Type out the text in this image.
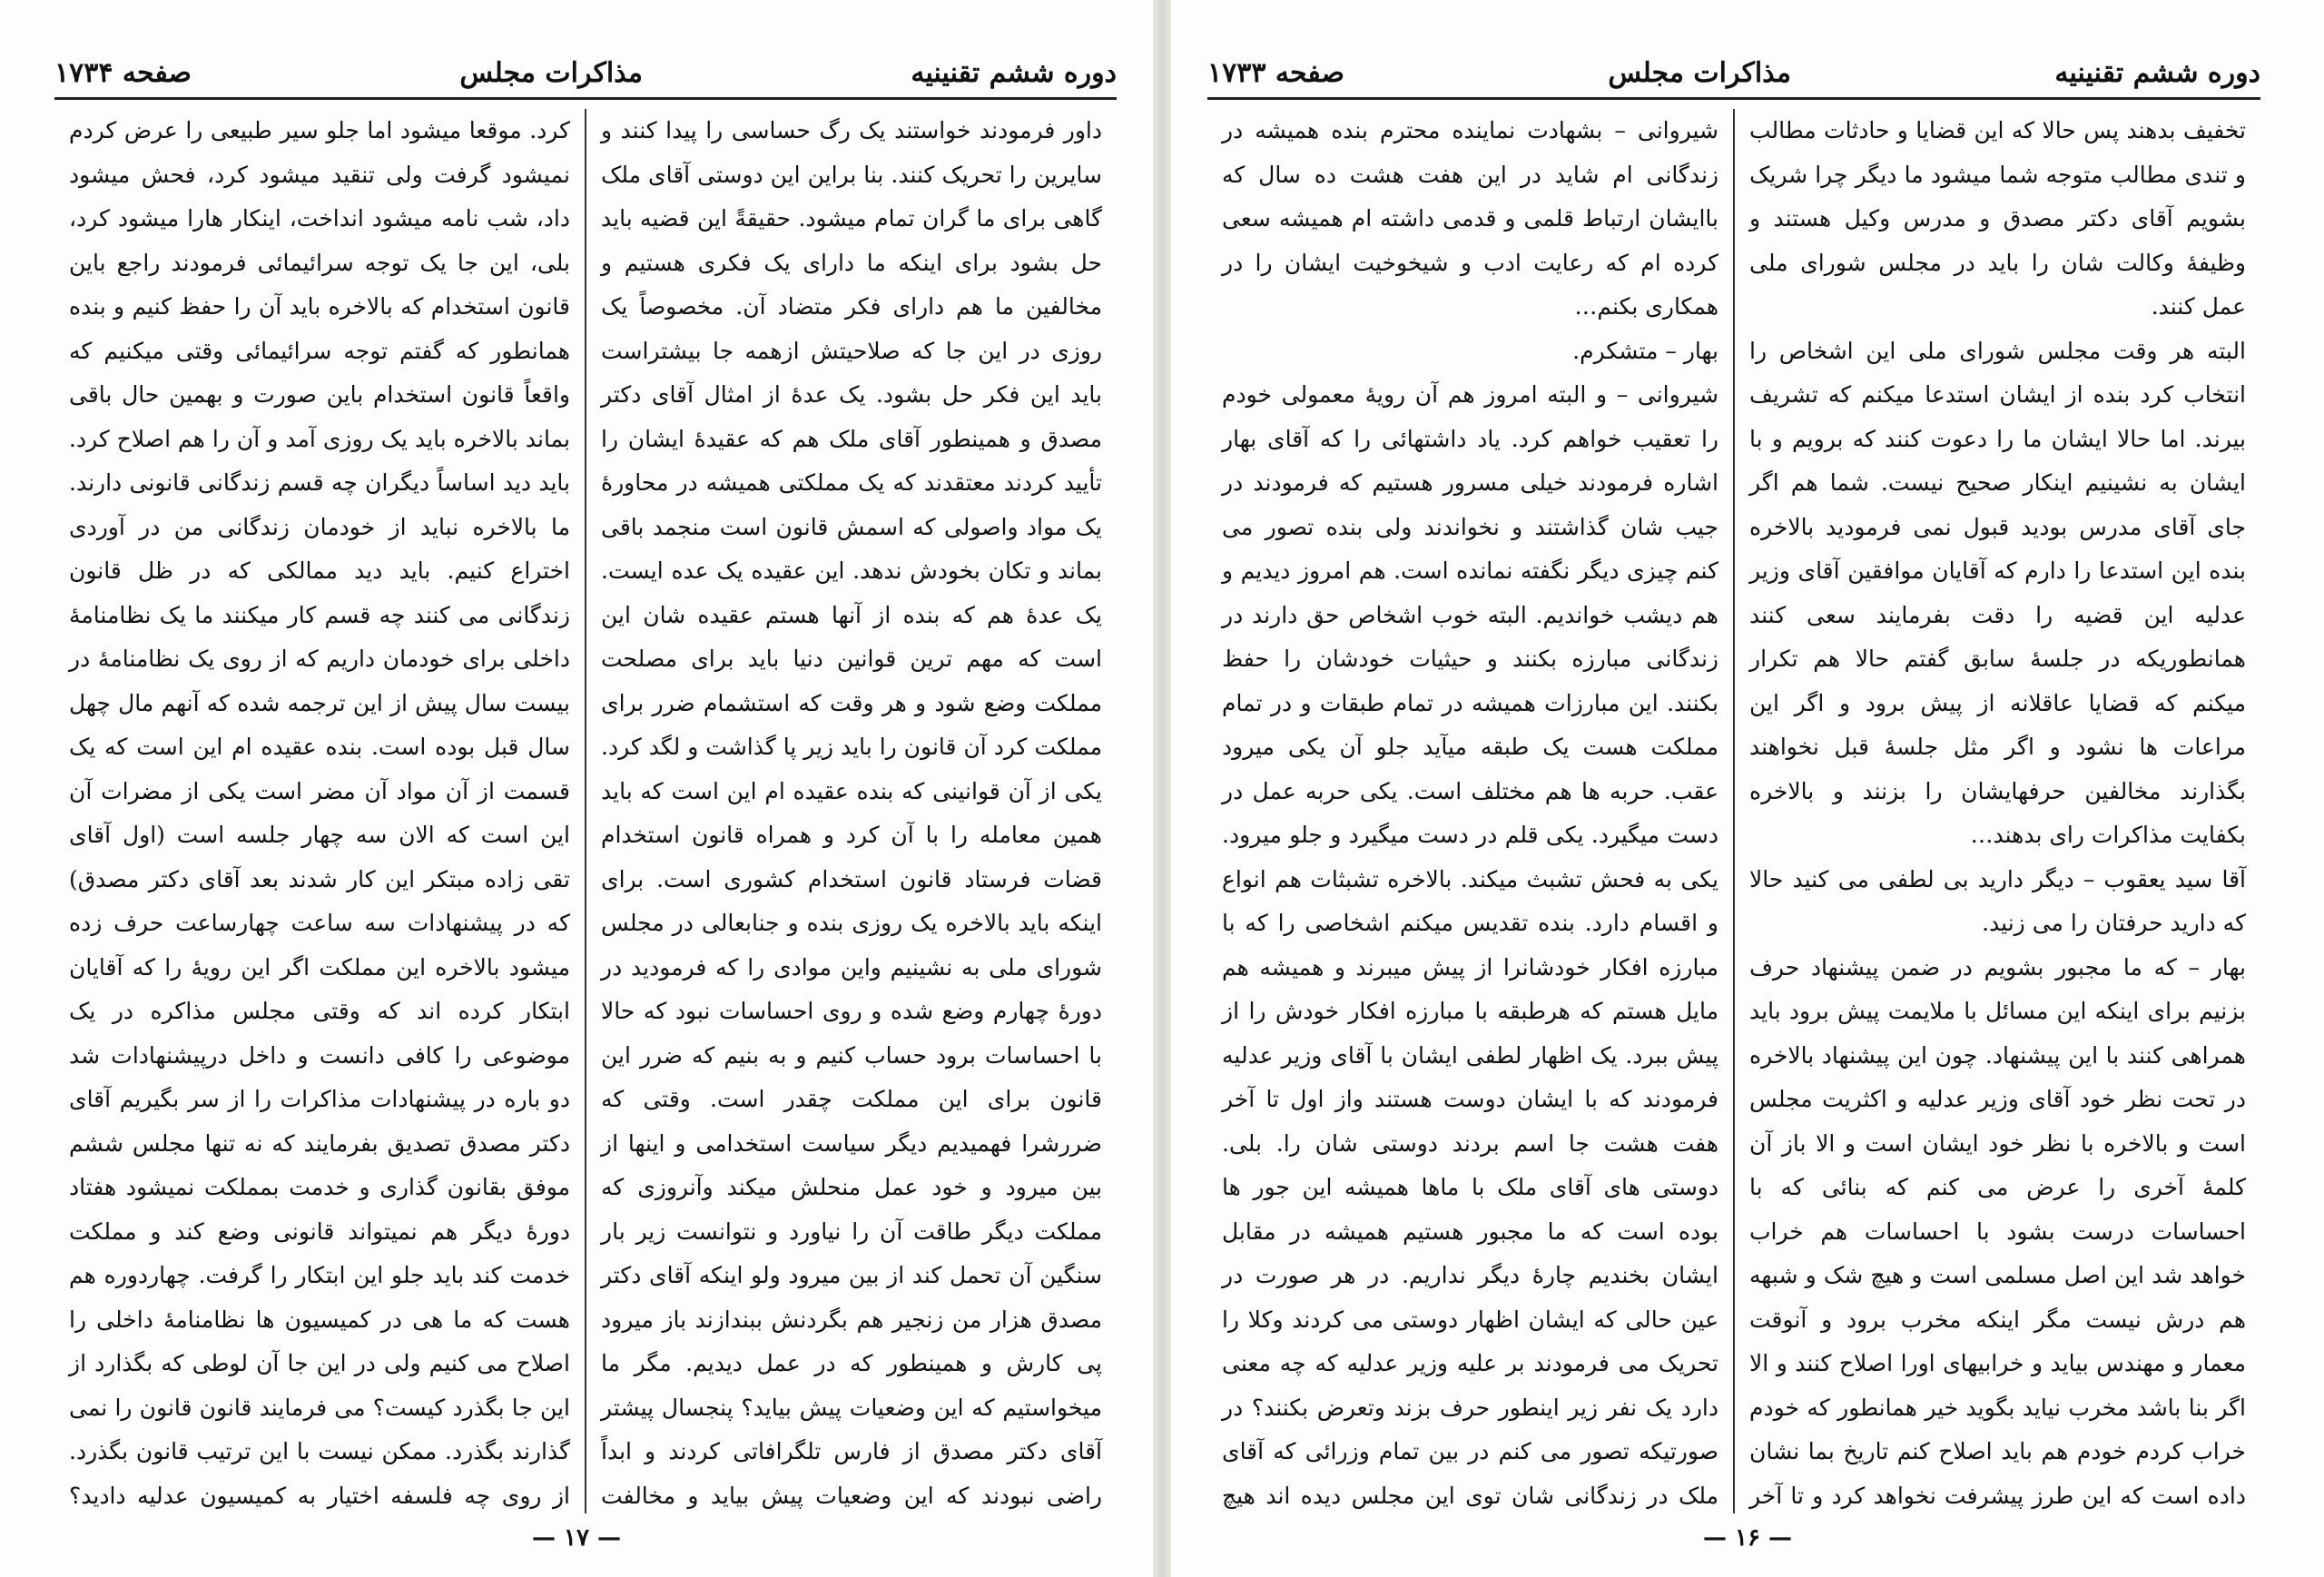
دوره ششم تقنینیه
مذاکرات مجلس
صفحه ۱۷۳۴
داور فرمودند خواستند یک رگ حساسی را پیدا کنند و سایرین را تحریک کنند. بنا براین این دوستی آقای ملک گاهی برای ما گران تمام میشود. حقیقةً این قضیه باید حل بشود برای اینکه ما دارای یک فکری هستیم و مخالفین ما هم دارای فکر متضاد آن. مخصوصاً یک روزی در این جا که صلاحیتش ازهمه جا بیشتراست باید این فکر حل بشود. یک عدهٔ از امثال آقای دکتر مصدق و همینطور آقای ملک هم که عقیدهٔ ایشان را تأیید کردند معتقدند که یک مملکتی همیشه در محاورهٔ یک مواد واصولی که اسمش قانون است منجمد باقی بماند و تکان بخودش ندهد. این عقیده یک عده ایست. یک عدهٔ هم که بنده از آنها هستم عقیده شان این است که مهم ترین قوانین دنیا باید برای مصلحت مملکت وضع شود و هر وقت که استشمام ضرر برای مملکت کرد آن قانون را باید زیر پا گذاشت و لگد کرد. یکی از آن قوانینی که بنده عقیده ام این است که باید همین معامله را با آن کرد و همراه قانون استخدام قضات فرستاد قانون استخدام کشوری است. برای اینکه باید بالاخره یک روزی بنده و جنابعالی در مجلس شورای ملی به نشینیم واین موادی را که فرمودید در دورهٔ چهارم وضع شده و روی احساسات نبود که حالا با احساسات برود حساب کنیم و به بنیم که ضرر این قانون برای این مملکت چقدر است. وقتی که ضررشرا فهمیدیم دیگر سیاست استخدامی و اینها از بین میرود و خود عمل منحلش میکند وآنروزی که مملکت دیگر طاقت آن را نیاورد و نتوانست زیر بار سنگین آن تحمل کند از بین میرود ولو اینکه آقای دکتر مصدق هزار من زنجیر هم بگردنش ببندازند باز میرود پی کارش و همینطور که در عمل دیدیم. مگر ما میخواستیم که این وضعیات پیش بیاید؟ پنجسال پیشتر آقای دکتر مصدق از فارس تلگرافاتی کردند و ابداً راضی نبودند که این وضعیات پیش بیاید و مخالفت
کرد. موقعا میشود اما جلو سیر طبیعی را عرض کردم نمیشود گرفت ولی تنقید میشود کرد، فحش میشود داد، شب نامه میشود انداخت، اینکار هارا میشود کرد، بلی، این جا یک توجه سرائیمائی فرمودند راجع باین قانون استخدام که بالاخره باید آن را حفظ کنیم و بنده همانطور که گفتم توجه سرائیمائی وقتی میکنیم که واقعاً قانون استخدام باین صورت و بهمین حال باقی بماند بالاخره باید یک روزی آمد و آن را هم اصلاح کرد. باید دید اساساً دیگران چه قسم زندگانی قانونی دارند. ما بالاخره نباید از خودمان زندگانی من در آوردی اختراع کنیم. باید دید ممالکی که در ظل قانون زندگانی می کنند چه قسم کار میکنند ما یک نظامنامهٔ داخلی برای خودمان داریم که از روی یک نظامنامهٔ در بیست سال پیش از این ترجمه شده که آنهم مال چهل سال قبل بوده است. بنده عقیده ام این است که یک قسمت از آن مواد آن مضر است یکی از مضرات آن این است که الان سه چهار جلسه است (اول آقای تقی زاده مبتکر این کار شدند بعد آقای دکتر مصدق) که در پیشنهادات سه ساعت چهارساعت حرف زده میشود بالاخره این مملکت اگر این رویهٔ را که آقایان ابتکار کرده اند که وقتی مجلس مذاکره در یک موضوعی را کافی دانست و داخل درپیشنهادات شد دو باره در پیشنهادات مذاکرات را از سر بگیریم آقای دکتر مصدق تصدیق بفرمایند که نه تنها مجلس ششم موفق بقانون گذاری و خدمت بمملکت نمیشود هفتاد دورهٔ دیگر هم نمیتواند قانونی وضع کند و مملکت خدمت کند باید جلو این ابتکار را گرفت. چهاردوره هم هست که ما هی در کمیسیون ها نظامنامهٔ داخلی را اصلاح می کنیم ولی در این جا آن لوطی که بگذارد از این جا بگذرد کیست؟ می فرمایند قانون قانون را نمی گذارند بگذرد. ممکن نیست با این ترتیب قانون بگذرد. از روی چه فلسفه اختیار به کمیسیون عدلیه دادید؟
— ۱۷ —
دوره ششم تقنینیه
مذاکرات مجلس
صفحه ۱۷۳۳
تخفیف بدهند پس حالا که این قضایا و حادثات مطالب و تندی مطالب متوجه شما میشود ما دیگر چرا شریک بشویم آقای دکتر مصدق و مدرس وکیل هستند و وظیفهٔ وکالت شان را باید در مجلس شورای ملی عمل کنند.
البته هر وقت مجلس شورای ملی این اشخاص را انتخاب کرد بنده از ایشان استدعا میکنم که تشریف بیرند. اما حالا ایشان ما را دعوت کنند که برویم و با ایشان به نشینیم اینکار صحیح نیست. شما هم اگر جای آقای مدرس بودید قبول نمی فرمودید بالاخره بنده این استدعا را دارم که آقایان موافقین آقای وزیر عدلیه این قضیه را دقت بفرمایند سعی کنند همانطوریکه در جلسهٔ سابق گفتم حالا هم تکرار میکنم که قضایا عاقلانه از پیش برود و اگر این مراعات ها نشود و اگر مثل جلسهٔ قبل نخواهند بگذارند مخالفین حرفهایشان را بزنند و بالاخره بکفایت مذاکرات رای بدهند…
آقا سید یعقوب – دیگر دارید بی لطفی می کنید حالا که دارید حرفتان را می زنید.
بهار – که ما مجبور بشویم در ضمن پیشنهاد حرف بزنیم برای اینکه این مسائل با ملایمت پیش برود باید همراهی کنند با این پیشنهاد. چون این پیشنهاد بالاخره در تحت نظر خود آقای وزیر عدلیه و اکثریت مجلس است و بالاخره با نظر خود ایشان است و الا باز آن کلمهٔ آخری را عرض می کنم که بنائی که با احساسات درست بشود با احساسات هم خراب خواهد شد این اصل مسلمی است و هیچ شک و شبهه هم درش نیست مگر اینکه مخرب برود و آنوقت معمار و مهندس بیاید و خرابیهای اورا اصلاح کنند و الا اگر بنا باشد مخرب نیاید بگوید خیر همانطور که خودم خراب کردم خودم هم باید اصلاح کنم تاریخ بما نشان داده است که این طرز پیشرفت نخواهد کرد و تا آخر

شیروانی – بشهادت نماینده محترم بنده همیشه در زندگانی ام شاید در این هفت هشت ده سال که باایشان ارتباط قلمی و قدمی داشته ام همیشه سعی کرده ام که رعایت ادب و شیخوخیت ایشان را در همکاری بکنم…
بهار – متشکرم.
شیروانی – و البته امروز هم آن رویهٔ معمولی خودم را تعقیب خواهم کرد. یاد داشتهائی را که آقای بهار اشاره فرمودند خیلی مسرور هستیم که فرمودند در جیب شان گذاشتند و نخواندند ولی بنده تصور می کنم چیزی دیگر نگفته نمانده است. هم امروز دیدیم و هم دیشب خواندیم. البته خوب اشخاص حق دارند در زندگانی مبارزه بکنند و حیثیات خودشان را حفظ بکنند. این مبارزات همیشه در تمام طبقات و در تمام مملکت هست یک طبقه میآید جلو آن یکی میرود عقب. حربه ها هم مختلف است. یکی حربه عمل در دست میگیرد. یکی قلم در دست میگیرد و جلو میرود. یکی به فحش تشبث میکند. بالاخره تشبثات هم انواع و اقسام دارد. بنده تقدیس میکنم اشخاصی را که با مبارزه افکار خودشانرا از پیش میبرند و همیشه هم مایل هستم که هرطبقه با مبارزه افکار خودش را از پیش ببرد. یک اظهار لطفی ایشان با آقای وزیر عدلیه فرمودند که با ایشان دوست هستند واز اول تا آخر هفت هشت جا اسم بردند دوستی شان را. بلی. دوستی های آقای ملک با ماها همیشه این جور ها بوده است که ما مجبور هستیم همیشه در مقابل ایشان بخندیم چارهٔ دیگر نداریم. در هر صورت در عین حالی که ایشان اظهار دوستی می کردند وکلا را تحریک می فرمودند بر علیه وزیر عدلیه که چه معنی دارد یک نفر زیر اینطور حرف بزند وتعرض بکنند؟ در صورتیکه تصور می کنم در بین تمام وزرائی که آقای ملک در زندگانی شان توی این مجلس دیده اند هیچ
— ۱۶ —
